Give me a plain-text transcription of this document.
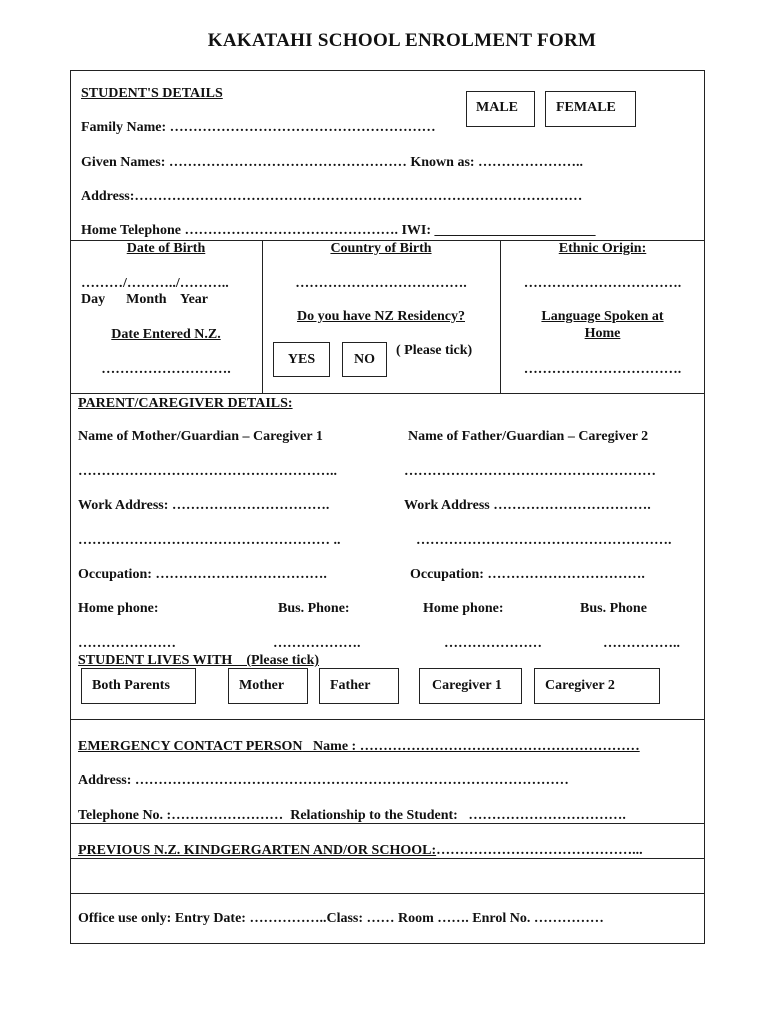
KAKATAHI SCHOOL ENROLMENT FORM
STUDENT'S DETAILS
MALE	FEMALE
Family Name: …………………………………………………
Given Names: …………………………………………… Known as: …………………..
Address:……………………………………………………………………………………
Home Telephone ………………………………………. IWI: _______________________
Date of Birth
………/………../………..
Day      Month    Year
Date Entered N.Z.
……………………….
Country of Birth
……………………………….
Do you have NZ Residency?
YES	NO
( Please tick)
Ethnic Origin:
…………………………….
Language Spoken at
Home
…………………………….
PARENT/CAREGIVER DETAILS:
Name of Mother/Guardian – Caregiver 1	Name of Father/Guardian – Caregiver 2
………………………………………………..	………………………………………………
Work Address: …………………………….	Work Address …………………………….
……………………………………………… ..	……………………………………………….
Occupation: ……………………………….	Occupation: …………………………….
Home phone:	Bus. Phone:	Home phone:	Bus. Phone
…………………	……………….	…………………	……………..
STUDENT LIVES WITH    (Please tick)
Both Parents	Mother	Father	Caregiver 1	Caregiver 2
EMERGENCY CONTACT PERSON   Name : ……………………………………………………
Address: …………………………………………………………………………………
Telephone No. :……………………  Relationship to the Student:   …………………………….
PREVIOUS N.Z. KINDGERGARTEN AND/OR SCHOOL:……………………………………...
Office use only: Entry Date: ……………..Class: …… Room ……. Enrol No. ……………
